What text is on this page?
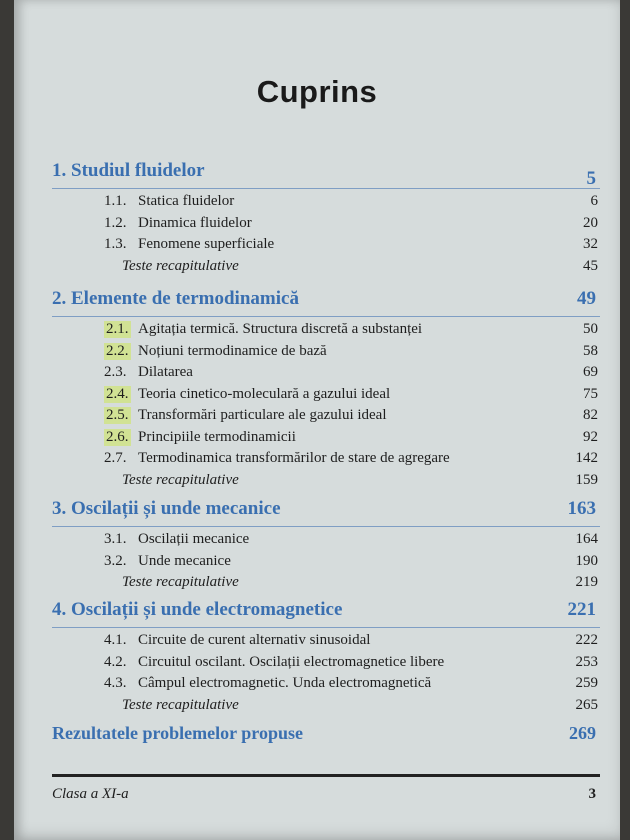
Cuprins
1. Studiul fluidelor	5
1.1. Statica fluidelor	6
1.2. Dinamica fluidelor	20
1.3. Fenomene superficiale	32
Teste recapitulative	45
2. Elemente de termodinamică	49
2.1. Agitația termică. Structura discretă a substanței	50
2.2. Noțiuni termodinamice de bază	58
2.3. Dilatarea	69
2.4. Teoria cinetico-moleculară a gazului ideal	75
2.5. Transformări particulare ale gazului ideal	82
2.6. Principiile termodinamicii	92
2.7. Termodinamica transformărilor de stare de agregare	142
Teste recapitulative	159
3. Oscilații și unde mecanice	163
3.1. Oscilații mecanice	164
3.2. Unde mecanice	190
Teste recapitulative	219
4. Oscilații și unde electromagnetice	221
4.1. Circuite de curent alternativ sinusoidal	222
4.2. Circuitul oscilant. Oscilații electromagnetice libere	253
4.3. Câmpul electromagnetic. Unda electromagnetică	259
Teste recapitulative	265
Rezultatele problemelor propuse	269
Clasa a XI-a	3
